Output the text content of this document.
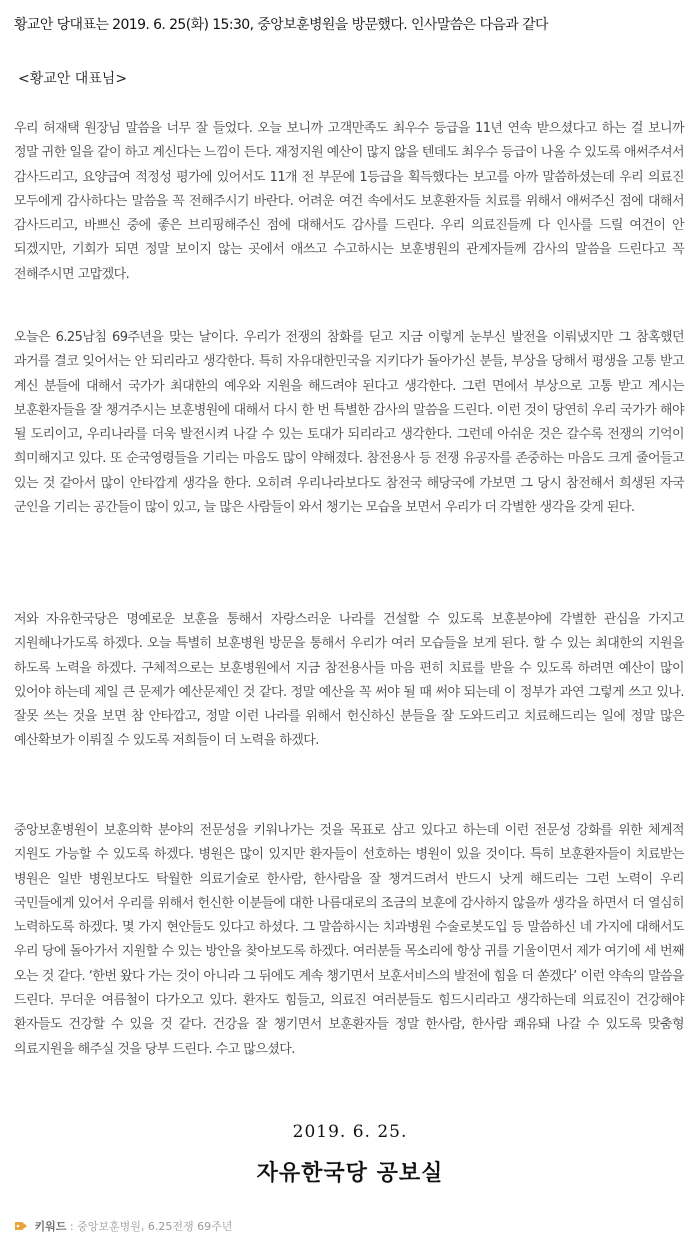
황교안 당대표는 2019. 6. 25(화) 15:30, 중앙보훈병원을 방문했다. 인사말씀은 다음과 같다
<황교안 대표님>

우리 허재택 원장님 말씀을 너무 잘 들었다. 오늘 보니까 고객만족도 최우수 등급을 11년 연속 받으셨다고 하는 걸 보니까 정말 귀한 일을 같이 하고 계신다는 느낌이 든다. 재정지원 예산이 많지 않을 텐데도 최우수 등급이 나올 수 있도록 애써주셔서 감사드리고, 요양급여 적정성 평가에 있어서도 11개 전 부문에 1등급을 획득했다는 보고를 아까 말씀하셨는데 우리 의료진 모두에게 감사하다는 말씀을 꼭 전해주시기 바란다. 어려운 여건 속에서도 보훈환자들 치료를 위해서 애써주신 점에 대해서 감사드리고, 바쁘신 중에 좋은 브리핑해주신 점에 대해서도 감사를 드린다. 우리 의료진들께 다 인사를 드릴 여건이 안 되겠지만, 기회가 되면 정말 보이지 않는 곳에서 애쓰고 수고하시는 보훈병원의 관계자들께 감사의 말씀을 드린다고 꼭 전해주시면 고맙겠다.

오늘은 6.25남침 69주년을 맞는 날이다. 우리가 전쟁의 참화를 딛고 지금 이렇게 눈부신 발전을 이뤄냈지만 그 참혹했던 과거를 결코 잊어서는 안 되리라고 생각한다. 특히 자유대한민국을 지키다가 돌아가신 분들, 부상을 당해서 평생을 고통 받고 계신 분들에 대해서 국가가 최대한의 예우와 지원을 해드려야 된다고 생각한다. 그런 면에서 부상으로 고통 받고 계시는 보훈환자들을 잘 챙겨주시는 보훈병원에 대해서 다시 한 번 특별한 감사의 말씀을 드린다. 이런 것이 당연히 우리 국가가 해야 될 도리이고, 우리나라를 더욱 발전시켜 나갈 수 있는 토대가 되리라고 생각한다. 그런데 아쉬운 것은 갈수록 전쟁의 기억이 희미해지고 있다. 또 순국영령들을 기리는 마음도 많이 약해졌다. 참전용사 등 전쟁 유공자를 존중하는 마음도 크게 줄어들고 있는 것 같아서 많이 안타깝게 생각을 한다. 오히려 우리나라보다도 참전국 해당국에 가보면 그 당시 참전해서 희생된 자국 군인을 기리는 공간들이 많이 있고, 늘 많은 사람들이 와서 챙기는 모습을 보면서 우리가 더 각별한 생각을 갖게 된다.

저와 자유한국당은 명예로운 보훈을 통해서 자랑스러운 나라를 건설할 수 있도록 보훈분야에 각별한 관심을 가지고 지원해나가도록 하겠다. 오늘 특별히 보훈병원 방문을 통해서 우리가 여러 모습들을 보게 된다. 할 수 있는 최대한의 지원을 하도록 노력을 하겠다. 구체적으로는 보훈병원에서 지금 참전용사들 마음 편히 치료를 받을 수 있도록 하려면 예산이 많이 있어야 하는데 제일 큰 문제가 예산문제인 것 같다. 정말 예산을 꼭 써야 될 때 써야 되는데 이 정부가 과연 그렇게 쓰고 있나. 잘못 쓰는 것을 보면 참 안타깝고, 정말 이런 나라를 위해서 헌신하신 분들을 잘 도와드리고 치료해드리는 일에 정말 많은 예산확보가 이뤄질 수 있도록 저희들이 더 노력을 하겠다.

중앙보훈병원이 보훈의학 분야의 전문성을 키워나가는 것을 목표로 삼고 있다고 하는데 이런 전문성 강화를 위한 체계적 지원도 가능할 수 있도록 하겠다. 병원은 많이 있지만 환자들이 선호하는 병원이 있을 것이다. 특히 보훈환자들이 치료받는 병원은 일반 병원보다도 탁월한 의료기술로 한사람, 한사람을 잘 챙겨드려서 반드시 낫게 해드리는 그런 노력이 우리 국민들에게 있어서 우리를 위해서 헌신한 이분들에 대한 나름대로의 조금의 보훈에 감사하지 않을까 생각을 하면서 더 열심히 노력하도록 하겠다. 몇 가지 현안들도 있다고 하셨다. 그 말씀하시는 치과병원 수술로봇도입 등 말씀하신 네 가지에 대해서도 우리 당에 돌아가서 지원할 수 있는 방안을 찾아보도록 하겠다. 여러분들 목소리에 항상 귀를 기울이면서 제가 여기에 세 번째 오는 것 같다. ‘한번 왔다 가는 것이 아니라 그 뒤에도 계속 챙기면서 보훈서비스의 발전에 힘을 더 쏟겠다’ 이런 약속의 말씀을 드린다. 무더운 여름철이 다가오고 있다. 환자도 힘들고, 의료진 여러분들도 힘드시리라고 생각하는데 의료진이 건강해야 환자들도 건강할 수 있을 것 같다. 건강을 잘 챙기면서 보훈환자들 정말 한사람, 한사람 쾌유돼 나갈 수 있도록 맞춤형 의료지원을 해주실 것을 당부 드린다. 수고 많으셨다.

2019. 6. 25.
자유한국당 공보실
키워드 : 중앙보훈병원, 6.25전쟁 69주년
